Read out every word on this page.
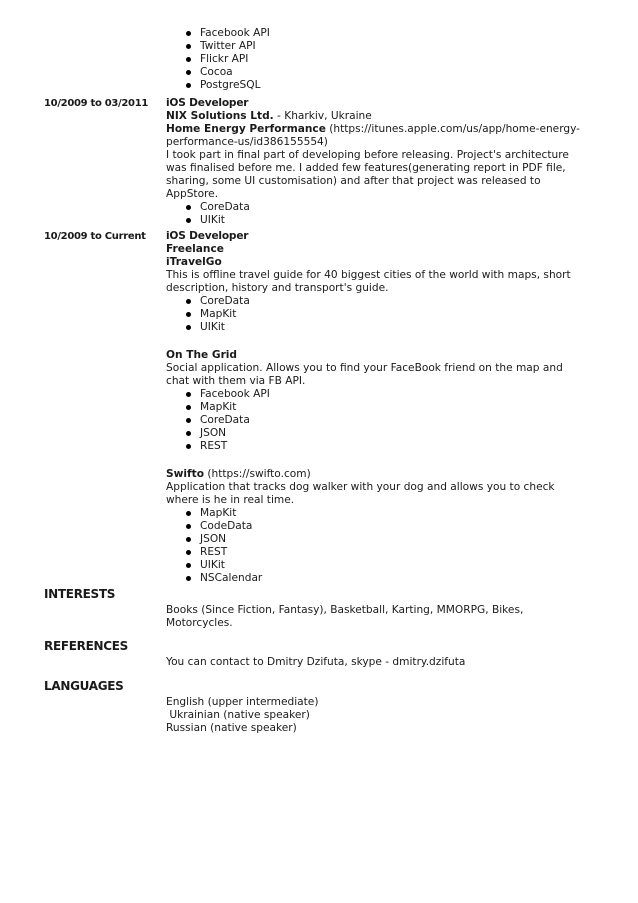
Facebook API
Twitter API
Flickr API
Cocoa
PostgreSQL
10/2009 to 03/2011 iOS Developer
NIX Solutions Ltd. - Kharkiv, Ukraine
Home Energy Performance (https://itunes.apple.com/us/app/home-energy-
performance-us/id386155554)
I took part in final part of developing before releasing. Project's architecture
was finalised before me. I added few features(generating report in PDF file,
sharing, some UI customisation) and after that project was released to
AppStore.
CoreData
UIKit
10/2009 to Current iOS Developer
Freelance
iTravelGo
This is offline travel guide for 40 biggest cities of the world with maps, short
description, history and transport's guide.
CoreData
MapKit
UIKit
On The Grid
Social application. Allows you to find your FaceBook friend on the map and
chat with them via FB API.
Facebook API
MapKit
CoreData
JSON
REST
Swifto (https://swifto.com)
Application that tracks dog walker with your dog and allows you to check
where is he in real time.
MapKit
CodeData
JSON
REST
UIKit
NSCalendar
INTERESTS
Books (Since Fiction, Fantasy), Basketball, Karting, MMORPG, Bikes,
Motorcycles.
REFERENCES
You can contact to Dmitry Dzifuta, skype - dmitry.dzifuta
LANGUAGES
English (upper intermediate)
Ukrainian (native speaker)
Russian (native speaker)
